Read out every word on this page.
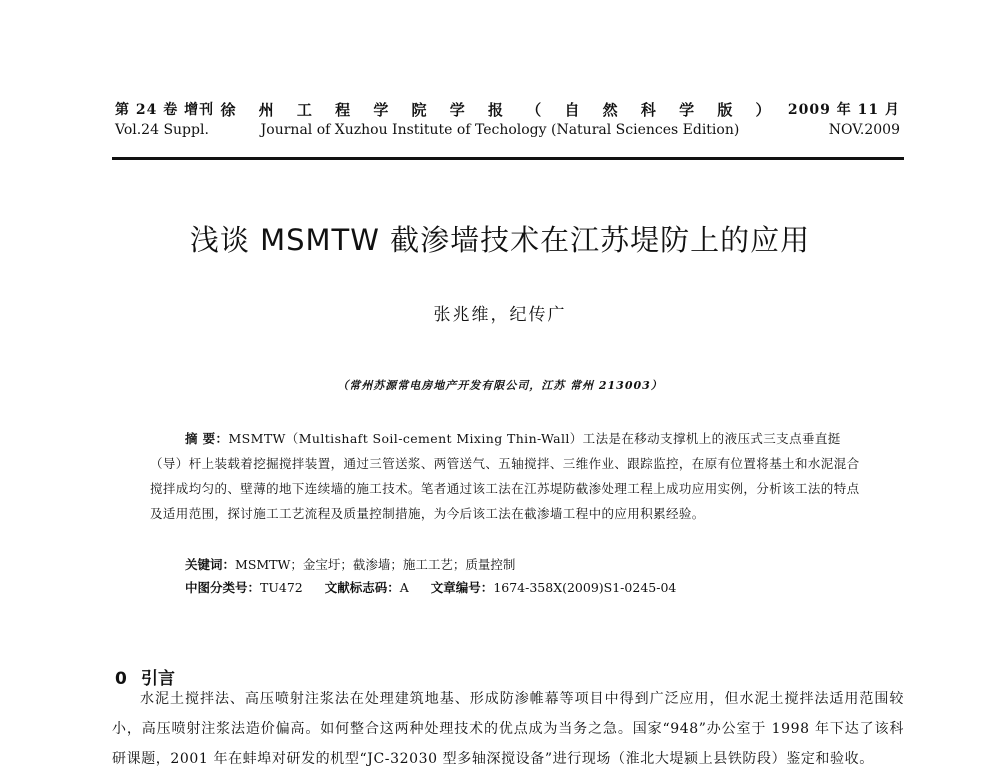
第 24 卷 增刊
Vol.24 Suppl.
徐 州 工 程 学 院 学 报 （ 自 然 科 学 版 ）
Journal of Xuzhou Institute of Techology (Natural Sciences Edition)
2009 年 11 月
NOV.2009
浅谈 MSMTW 截渗墙技术在江苏堤防上的应用
张兆维，纪传广
（常州苏源常电房地产开发有限公司，江苏 常州 213003）
摘 要：MSMTW（Multishaft Soil-cement Mixing Thin-Wall）工法是在移动支撑机上的液压式三支点垂直挺（导）杆上装载着挖掘搅拌装置，通过三管送浆、两管送气、五轴搅拌、三维作业、跟踪监控，在原有位置将基土和水泥混合搅拌成均匀的、壁薄的地下连续墙的施工技术。笔者通过该工法在江苏堤防截渗处理工程上成功应用实例，分析该工法的特点及适用范围，探讨施工工艺流程及质量控制措施，为今后该工法在截渗墙工程中的应用积累经验。
关键词：MSMTW；金宝圩；截渗墙；施工工艺；质量控制
中图分类号：TU472 文献标志码：A 文章编号：1674-358X(2009)S1-0245-04
0 引言
水泥土搅拌法、高压喷射注浆法在处理建筑地基、形成防渗帷幕等项目中得到广泛应用，但水泥土搅拌法适用范围较小，高压喷射注浆法造价偏高。如何整合这两种处理技术的优点成为当务之急。国家“948”办公室于 1998 年下达了该科研课题，2001 年在蚌埠对研发的机型“JC-32030 型多轴深搅设备”进行现场（淮北大堤颍上县铁防段）鉴定和验收。
